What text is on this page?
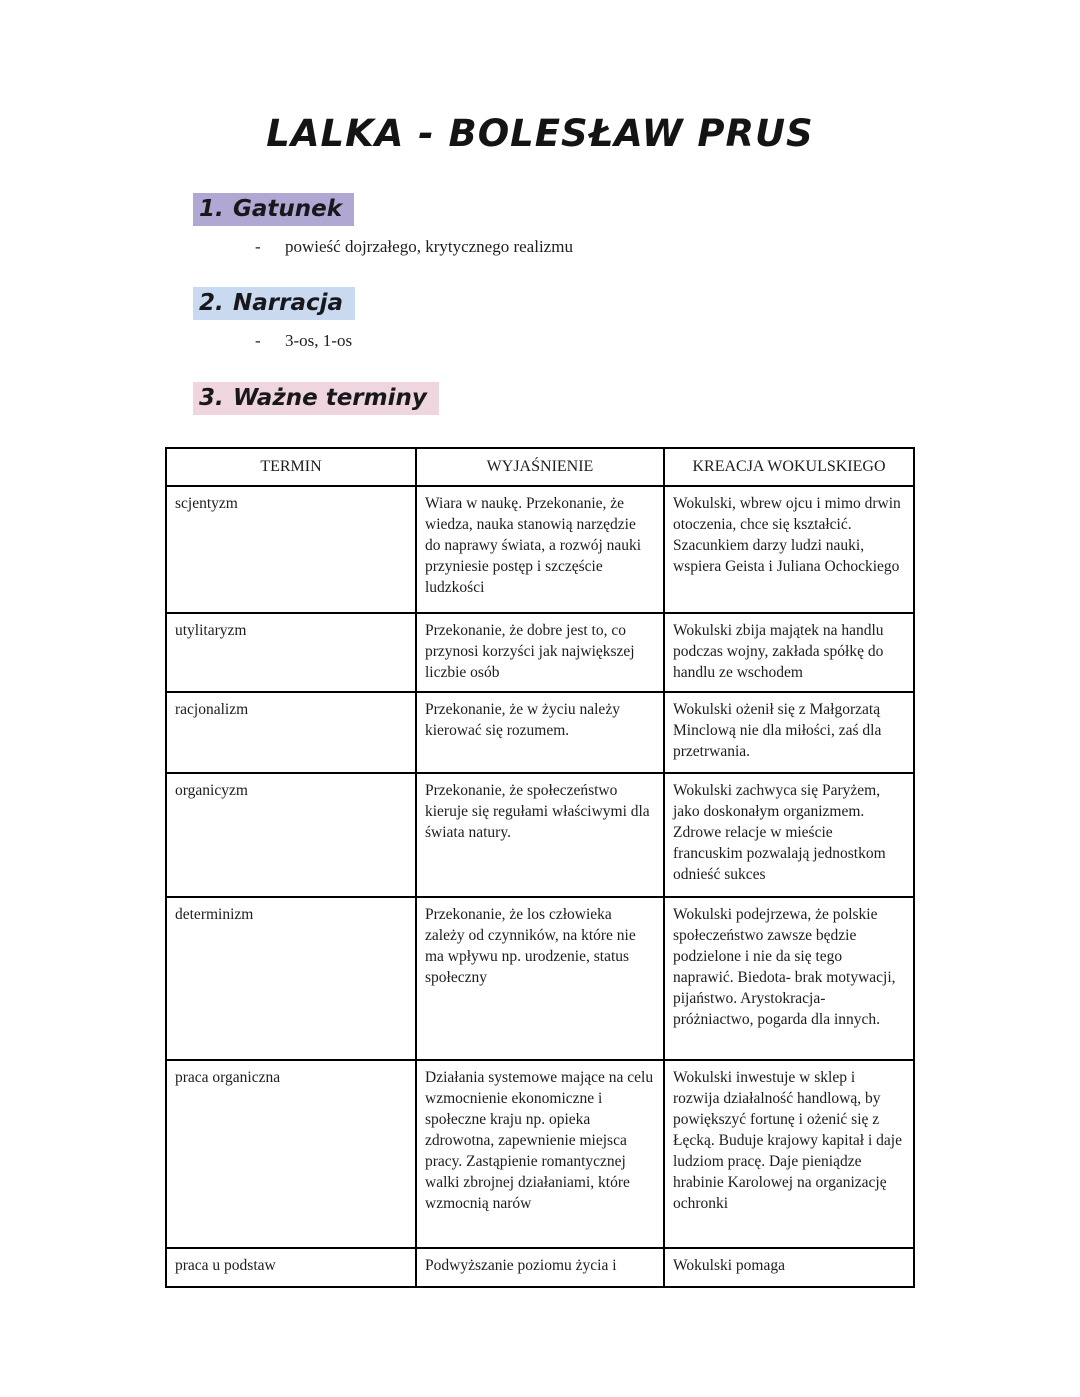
LALKA - BOLESŁAW PRUS
1. Gatunek
- powieść dojrzałego, krytycznego realizmu
2. Narracja
- 3-os, 1-os
3. Ważne terminy
TERMIN	WYJAŚNIENIE	KREACJA WOKULSKIEGO
scjentyzm	Wiara w naukę. Przekonanie, że wiedza, nauka stanowią narzędzie do naprawy świata, a rozwój nauki przyniesie postęp i szczęście ludzkości	Wokulski, wbrew ojcu i mimo drwin otoczenia, chce się kształcić. Szacunkiem darzy ludzi nauki, wspiera Geista i Juliana Ochockiego
utylitaryzm	Przekonanie, że dobre jest to, co przynosi korzyści jak największej liczbie osób	Wokulski zbija majątek na handlu podczas wojny, zakłada spółkę do handlu ze wschodem
racjonalizm	Przekonanie, że w życiu należy kierować się rozumem.	Wokulski ożenił się z Małgorzatą Minclową nie dla miłości, zaś dla przetrwania.
organicyzm	Przekonanie, że społeczeństwo kieruje się regułami właściwymi dla świata natury.	Wokulski zachwyca się Paryżem, jako doskonałym organizmem. Zdrowe relacje w mieście francuskim pozwalają jednostkom odnieść sukces
determinizm	Przekonanie, że los człowieka zależy od czynników, na które nie ma wpływu np. urodzenie, status społeczny	Wokulski podejrzewa, że polskie społeczeństwo zawsze będzie podzielone i nie da się tego naprawić. Biedota- brak motywacji, pijaństwo. Arystokracja- próżniactwo, pogarda dla innych.
praca organiczna	Działania systemowe mające na celu wzmocnienie ekonomiczne i społeczne kraju np. opieka zdrowotna, zapewnienie miejsca pracy. Zastąpienie romantycznej walki zbrojnej działaniami, które wzmocnią narów	Wokulski inwestuje w sklep i rozwija działalność handlową, by powiększyć fortunę i ożenić się z Łęcką. Buduje krajowy kapitał i daje ludziom pracę. Daje pieniądze hrabinie Karolowej na organizację ochronki
praca u podstaw	Podwyższanie poziomu życia i	Wokulski pomaga
